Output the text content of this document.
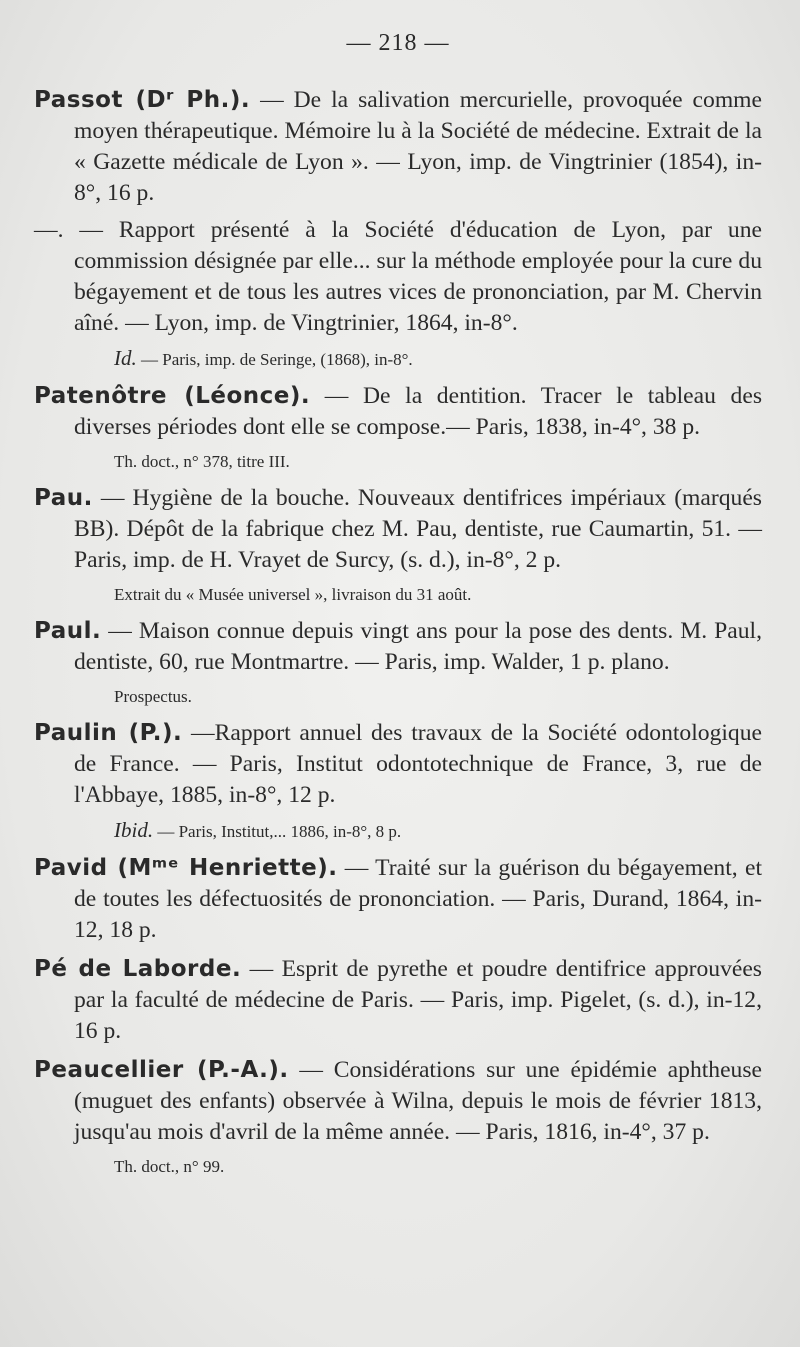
— 218 —
Passot (Dʳ Ph.). — De la salivation mercurielle, provoquée comme moyen thérapeutique. Mémoire lu à la Société de médecine. Extrait de la « Gazette médicale de Lyon ». — Lyon, imp. de Vingtrinier (1854), in-8°, 16 p.
—. — Rapport présenté à la Société d'éducation de Lyon, par une commission désignée par elle... sur la méthode employée pour la cure du bégayement et de tous les autres vices de prononciation, par M. Chervin aîné. — Lyon, imp. de Vingtrinier, 1864, in-8°.
Id. — Paris, imp. de Seringe, (1868), in-8°.
Patenôtre (Léonce). — De la dentition. Tracer le tableau des diverses périodes dont elle se compose.— Paris, 1838, in-4°, 38 p.
Th. doct., n° 378, titre III.
Pau. — Hygiène de la bouche. Nouveaux dentifrices impériaux (marqués BB). Dépôt de la fabrique chez M. Pau, dentiste, rue Caumartin, 51. — Paris, imp. de H. Vrayet de Surcy, (s. d.), in-8°, 2 p.
Extrait du « Musée universel », livraison du 31 août.
Paul. — Maison connue depuis vingt ans pour la pose des dents. M. Paul, dentiste, 60, rue Montmartre. — Paris, imp. Walder, 1 p. plano.
Prospectus.
Paulin (P.). —Rapport annuel des travaux de la Société odontologique de France. — Paris, Institut odontotechnique de France, 3, rue de l'Abbaye, 1885, in-8°, 12 p.
Ibid. — Paris, Institut,... 1886, in-8°, 8 p.
Pavid (Mᵐᵉ Henriette). — Traité sur la guérison du bégayement, et de toutes les défectuosités de prononciation. — Paris, Durand, 1864, in-12, 18 p.
Pé de Laborde. — Esprit de pyrethe et poudre dentifrice approuvées par la faculté de médecine de Paris. — Paris, imp. Pigelet, (s. d.), in-12, 16 p.
Peaucellier (P.-A.). — Considérations sur une épidémie aphtheuse (muguet des enfants) observée à Wilna, depuis le mois de février 1813, jusqu'au mois d'avril de la même année. — Paris, 1816, in-4°, 37 p.
Th. doct., n° 99.
